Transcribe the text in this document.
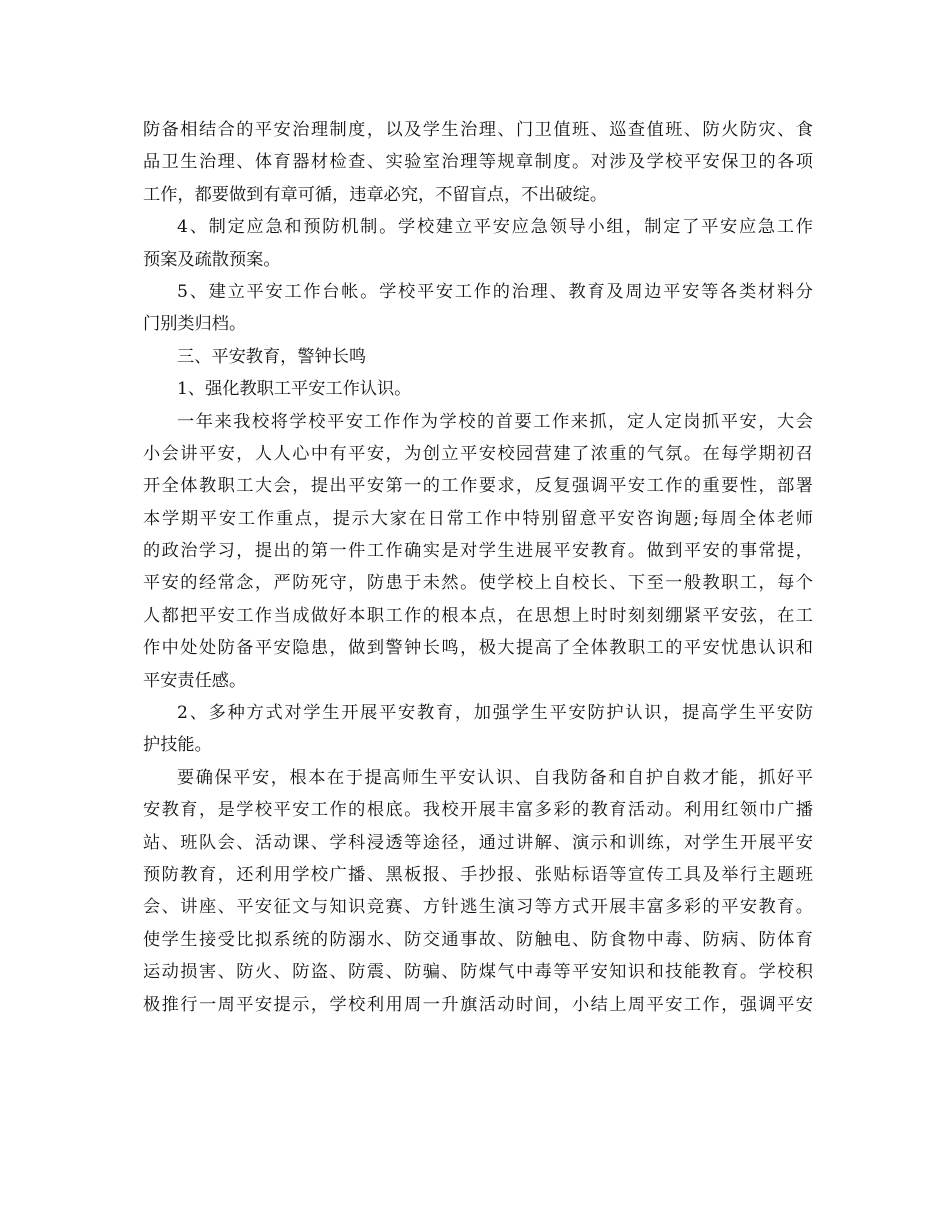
防备相结合的平安治理制度，以及学生治理、门卫值班、巡查值班、防火防灾、食
品卫生治理、体育器材检查、实验室治理等规章制度。对涉及学校平安保卫的各项
工作，都要做到有章可循，违章必究，不留盲点，不出破绽。
4、制定应急和预防机制。学校建立平安应急领导小组，制定了平安应急工作
预案及疏散预案。
5、建立平安工作台帐。学校平安工作的治理、教育及周边平安等各类材料分
门别类归档。
三、平安教育，警钟长鸣
1、强化教职工平安工作认识。
一年来我校将学校平安工作作为学校的首要工作来抓，定人定岗抓平安，大会
小会讲平安，人人心中有平安，为创立平安校园营建了浓重的气氛。在每学期初召
开全体教职工大会，提出平安第一的工作要求，反复强调平安工作的重要性，部署
本学期平安工作重点，提示大家在日常工作中特别留意平安咨询题;每周全体老师
的政治学习，提出的第一件工作确实是对学生进展平安教育。做到平安的事常提，
平安的经常念，严防死守，防患于未然。使学校上自校长、下至一般教职工，每个
人都把平安工作当成做好本职工作的根本点，在思想上时时刻刻绷紧平安弦，在工
作中处处防备平安隐患，做到警钟长鸣，极大提高了全体教职工的平安忧患认识和
平安责任感。
2、多种方式对学生开展平安教育，加强学生平安防护认识，提高学生平安防
护技能。
要确保平安，根本在于提高师生平安认识、自我防备和自护自救才能，抓好平
安教育，是学校平安工作的根底。我校开展丰富多彩的教育活动。利用红领巾广播
站、班队会、活动课、学科浸透等途径，通过讲解、演示和训练，对学生开展平安
预防教育，还利用学校广播、黑板报、手抄报、张贴标语等宣传工具及举行主题班
会、讲座、平安征文与知识竞赛、方针逃生演习等方式开展丰富多彩的平安教育。
使学生接受比拟系统的防溺水、防交通事故、防触电、防食物中毒、防病、防体育
运动损害、防火、防盗、防震、防骗、防煤气中毒等平安知识和技能教育。学校积
极推行一周平安提示，学校利用周一升旗活动时间，小结上周平安工作，强调平安
